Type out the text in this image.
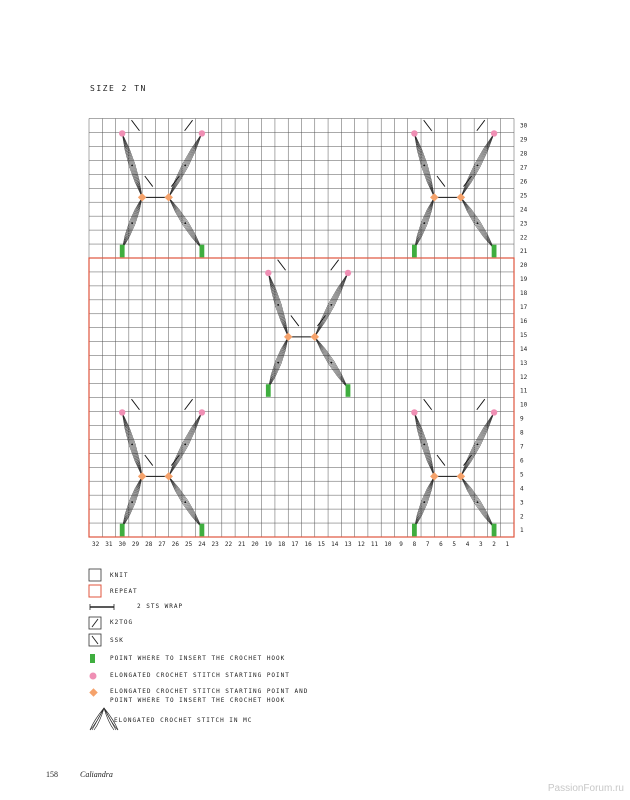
SIZE 2 TN
32 31 30 29 28 27 26 25 24 23 22 21 20 19 18 17 16 15 14 13 12 11 10 9 8 7 6 5 4 3 2 1
30
29
28
27
26
25
24
23
22
21
20
19
18
17
16
15
14
13
12
11
10
9
8
7
6
5
4
3
2
1
KNIT
REPEAT
2 STS WRAP
K2TOG
SSK
POINT WHERE TO INSERT THE CROCHET HOOK
ELONGATED CROCHET STITCH STARTING POINT
ELONGATED CROCHET STITCH STARTING POINT AND
POINT WHERE TO INSERT THE CROCHET HOOK
ELONGATED CROCHET STITCH IN MC
158	Caliandra
PassionForum.ru
